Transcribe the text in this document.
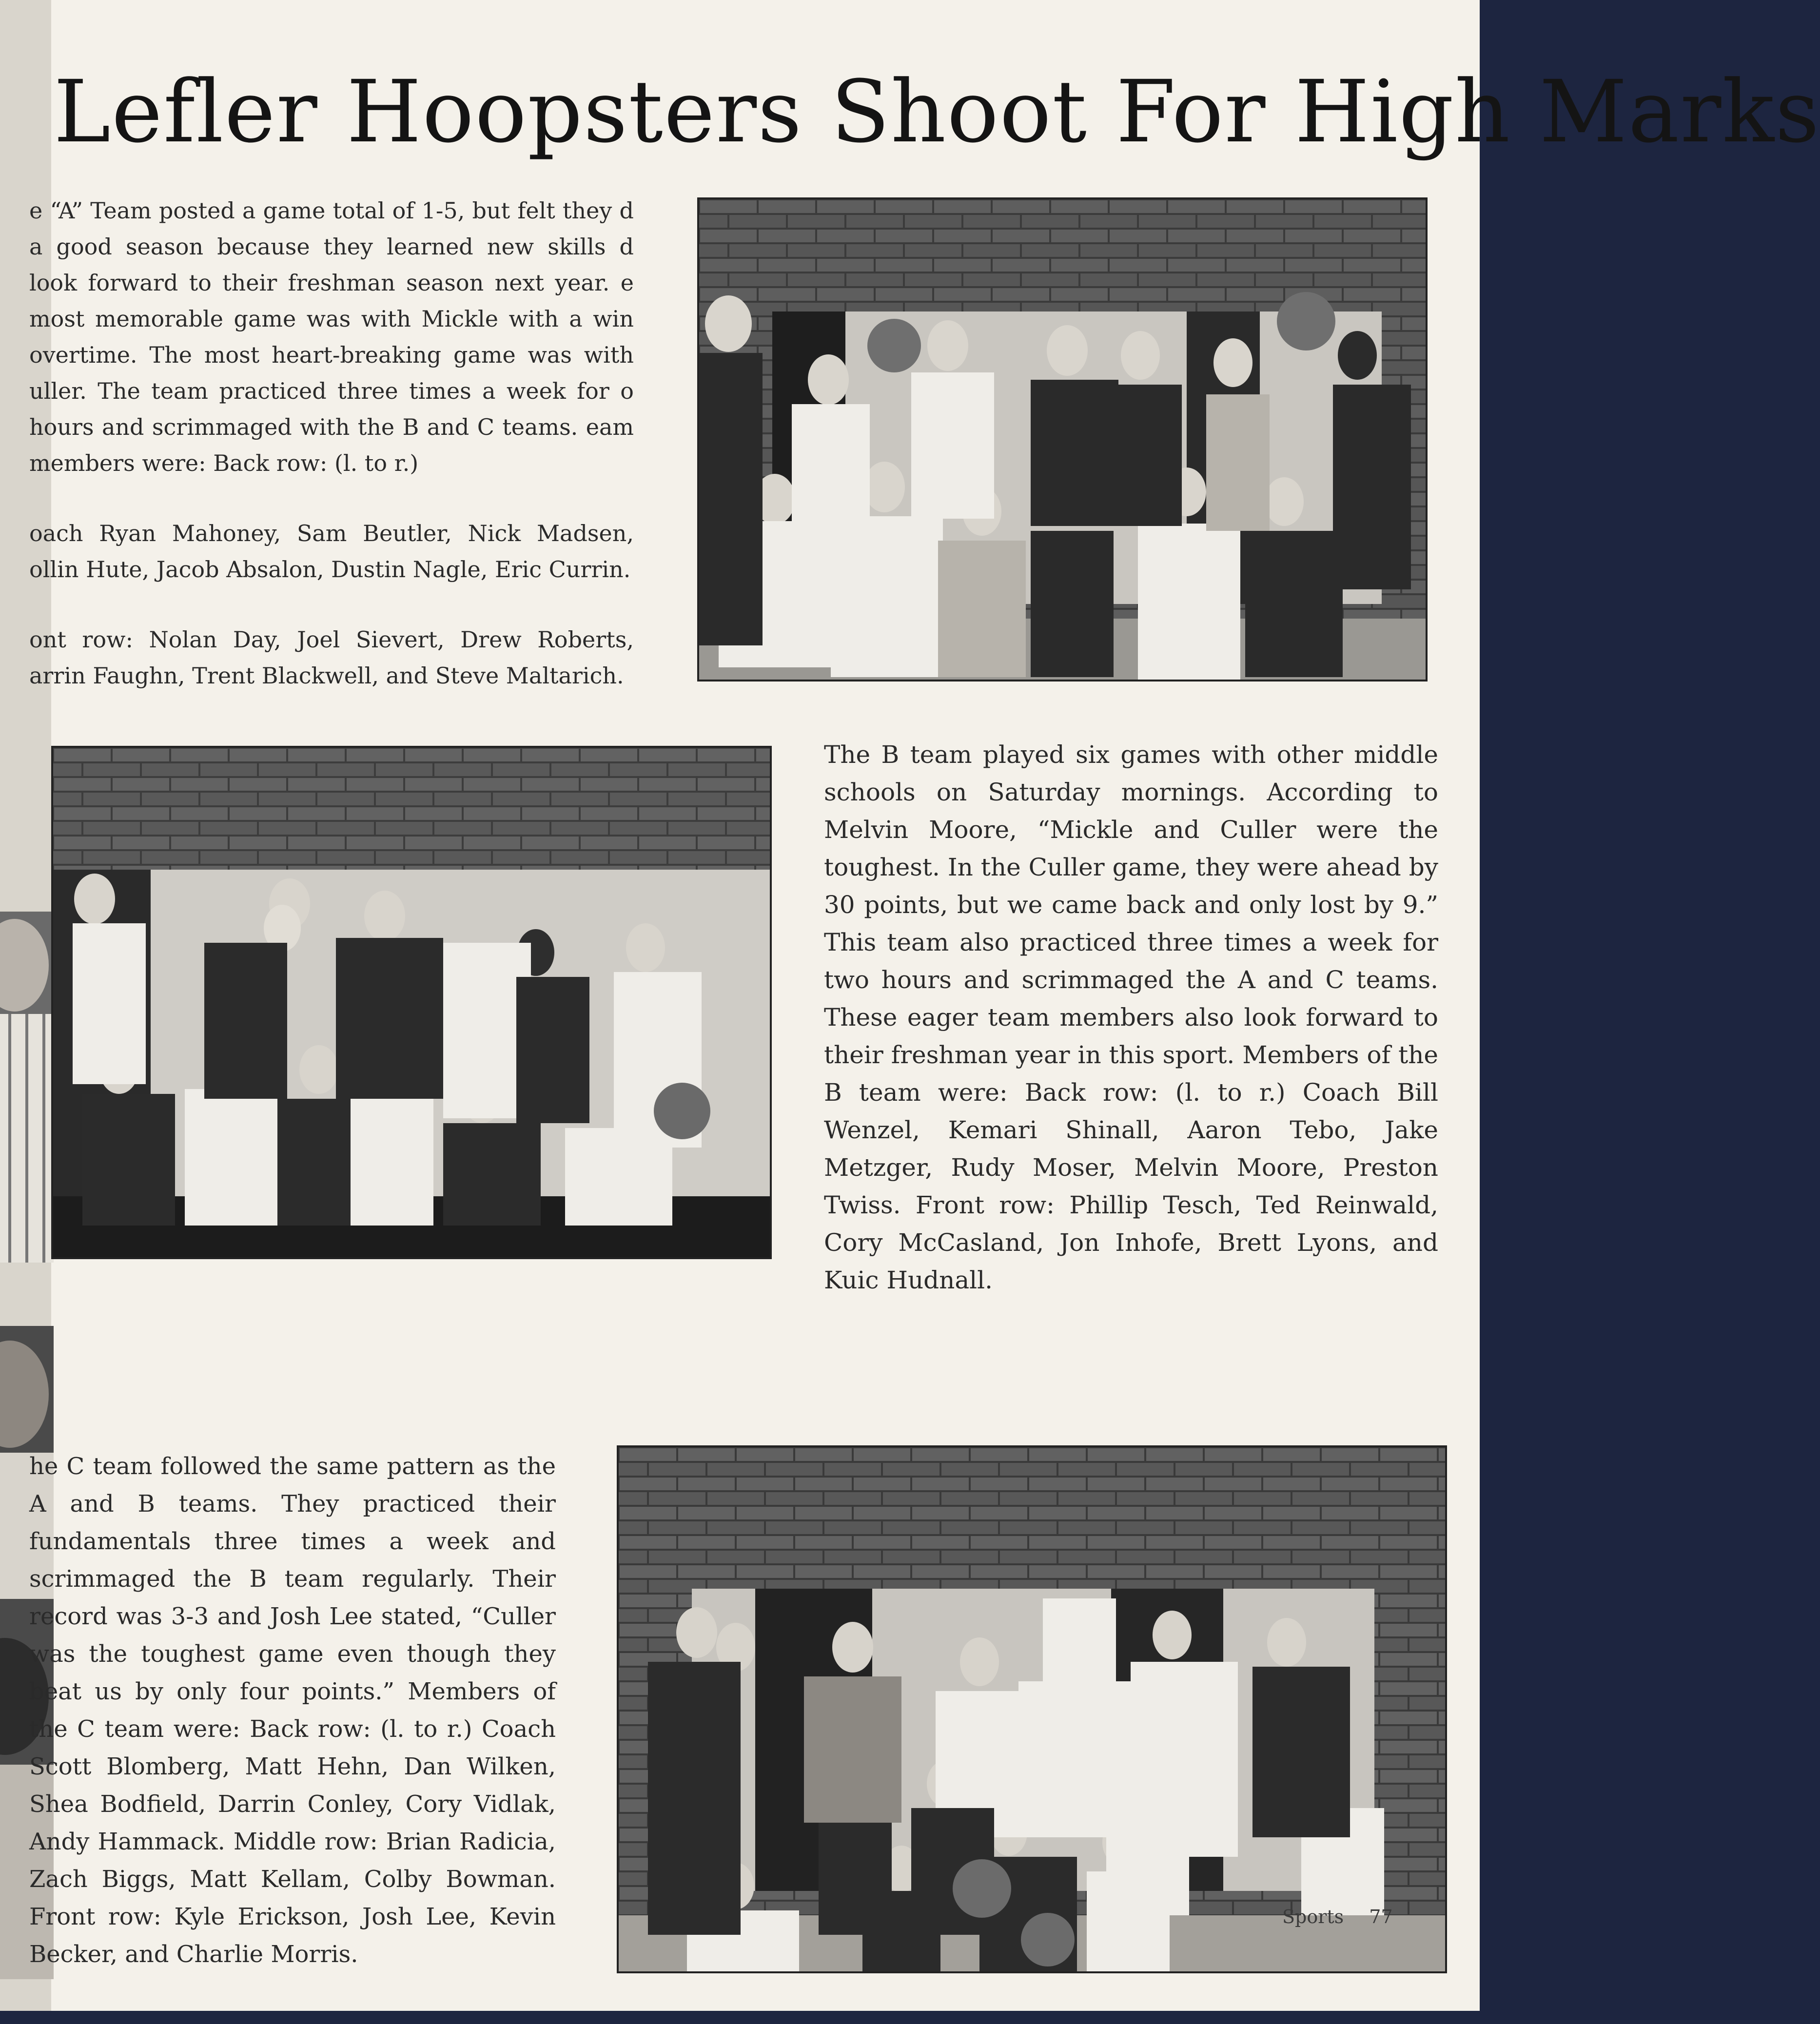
Lefler Hoopsters Shoot For High Marks

e “A” Team posted a game total of 1-5, but felt they d a good season because they learned new skills d look forward to their freshman season next year. e most memorable game was with Mickle with a win overtime. The most heart-breaking game was with uller. The team practiced three times a week for o hours and scrimmaged with the B and C teams. eam members were: Back row: (l. to r.)

oach Ryan Mahoney, Sam Beutler, Nick Madsen, ollin Hute, Jacob Absalon, Dustin Nagle, Eric Currin.

ont row: Nolan Day, Joel Sievert, Drew Roberts, arrin Faughn, Trent Blackwell, and Steve Maltarich.

The B team played six games with other middle schools on Saturday mornings. According to Melvin Moore, “Mickle and Culler were the toughest. In the Culler game, they were ahead by 30 points, but we came back and only lost by 9.” This team also practiced three times a week for two hours and scrimmaged the A and C teams. These eager team members also look forward to their freshman year in this sport. Members of the B team were: Back row: (l. to r.) Coach Bill Wenzel, Kemari Shinall, Aaron Tebo, Jake Metzger, Rudy Moser, Melvin Moore, Preston Twiss. Front row: Phillip Tesch, Ted Reinwald, Cory McCasland, Jon Inhofe, Brett Lyons, and Kuic Hudnall.
he C team followed the same pattern as the A and B teams. They practiced their fundamentals three times a week and scrimmaged the B team regularly. Their record was 3-3 and Josh Lee stated, “Culler was the toughest game even though they beat us by only four points.” Members of the C team were: Back row: (l. to r.) Coach Scott Blomberg, Matt Hehn, Dan Wilken, Shea Bodfield, Darrin Conley, Cory Vidlak, Andy Hammack. Middle row: Brian Radicia, Zach Biggs, Matt Kellam, Colby Bowman. Front row: Kyle Erickson, Josh Lee, Kevin Becker, and Charlie Morris.
Sports 77
